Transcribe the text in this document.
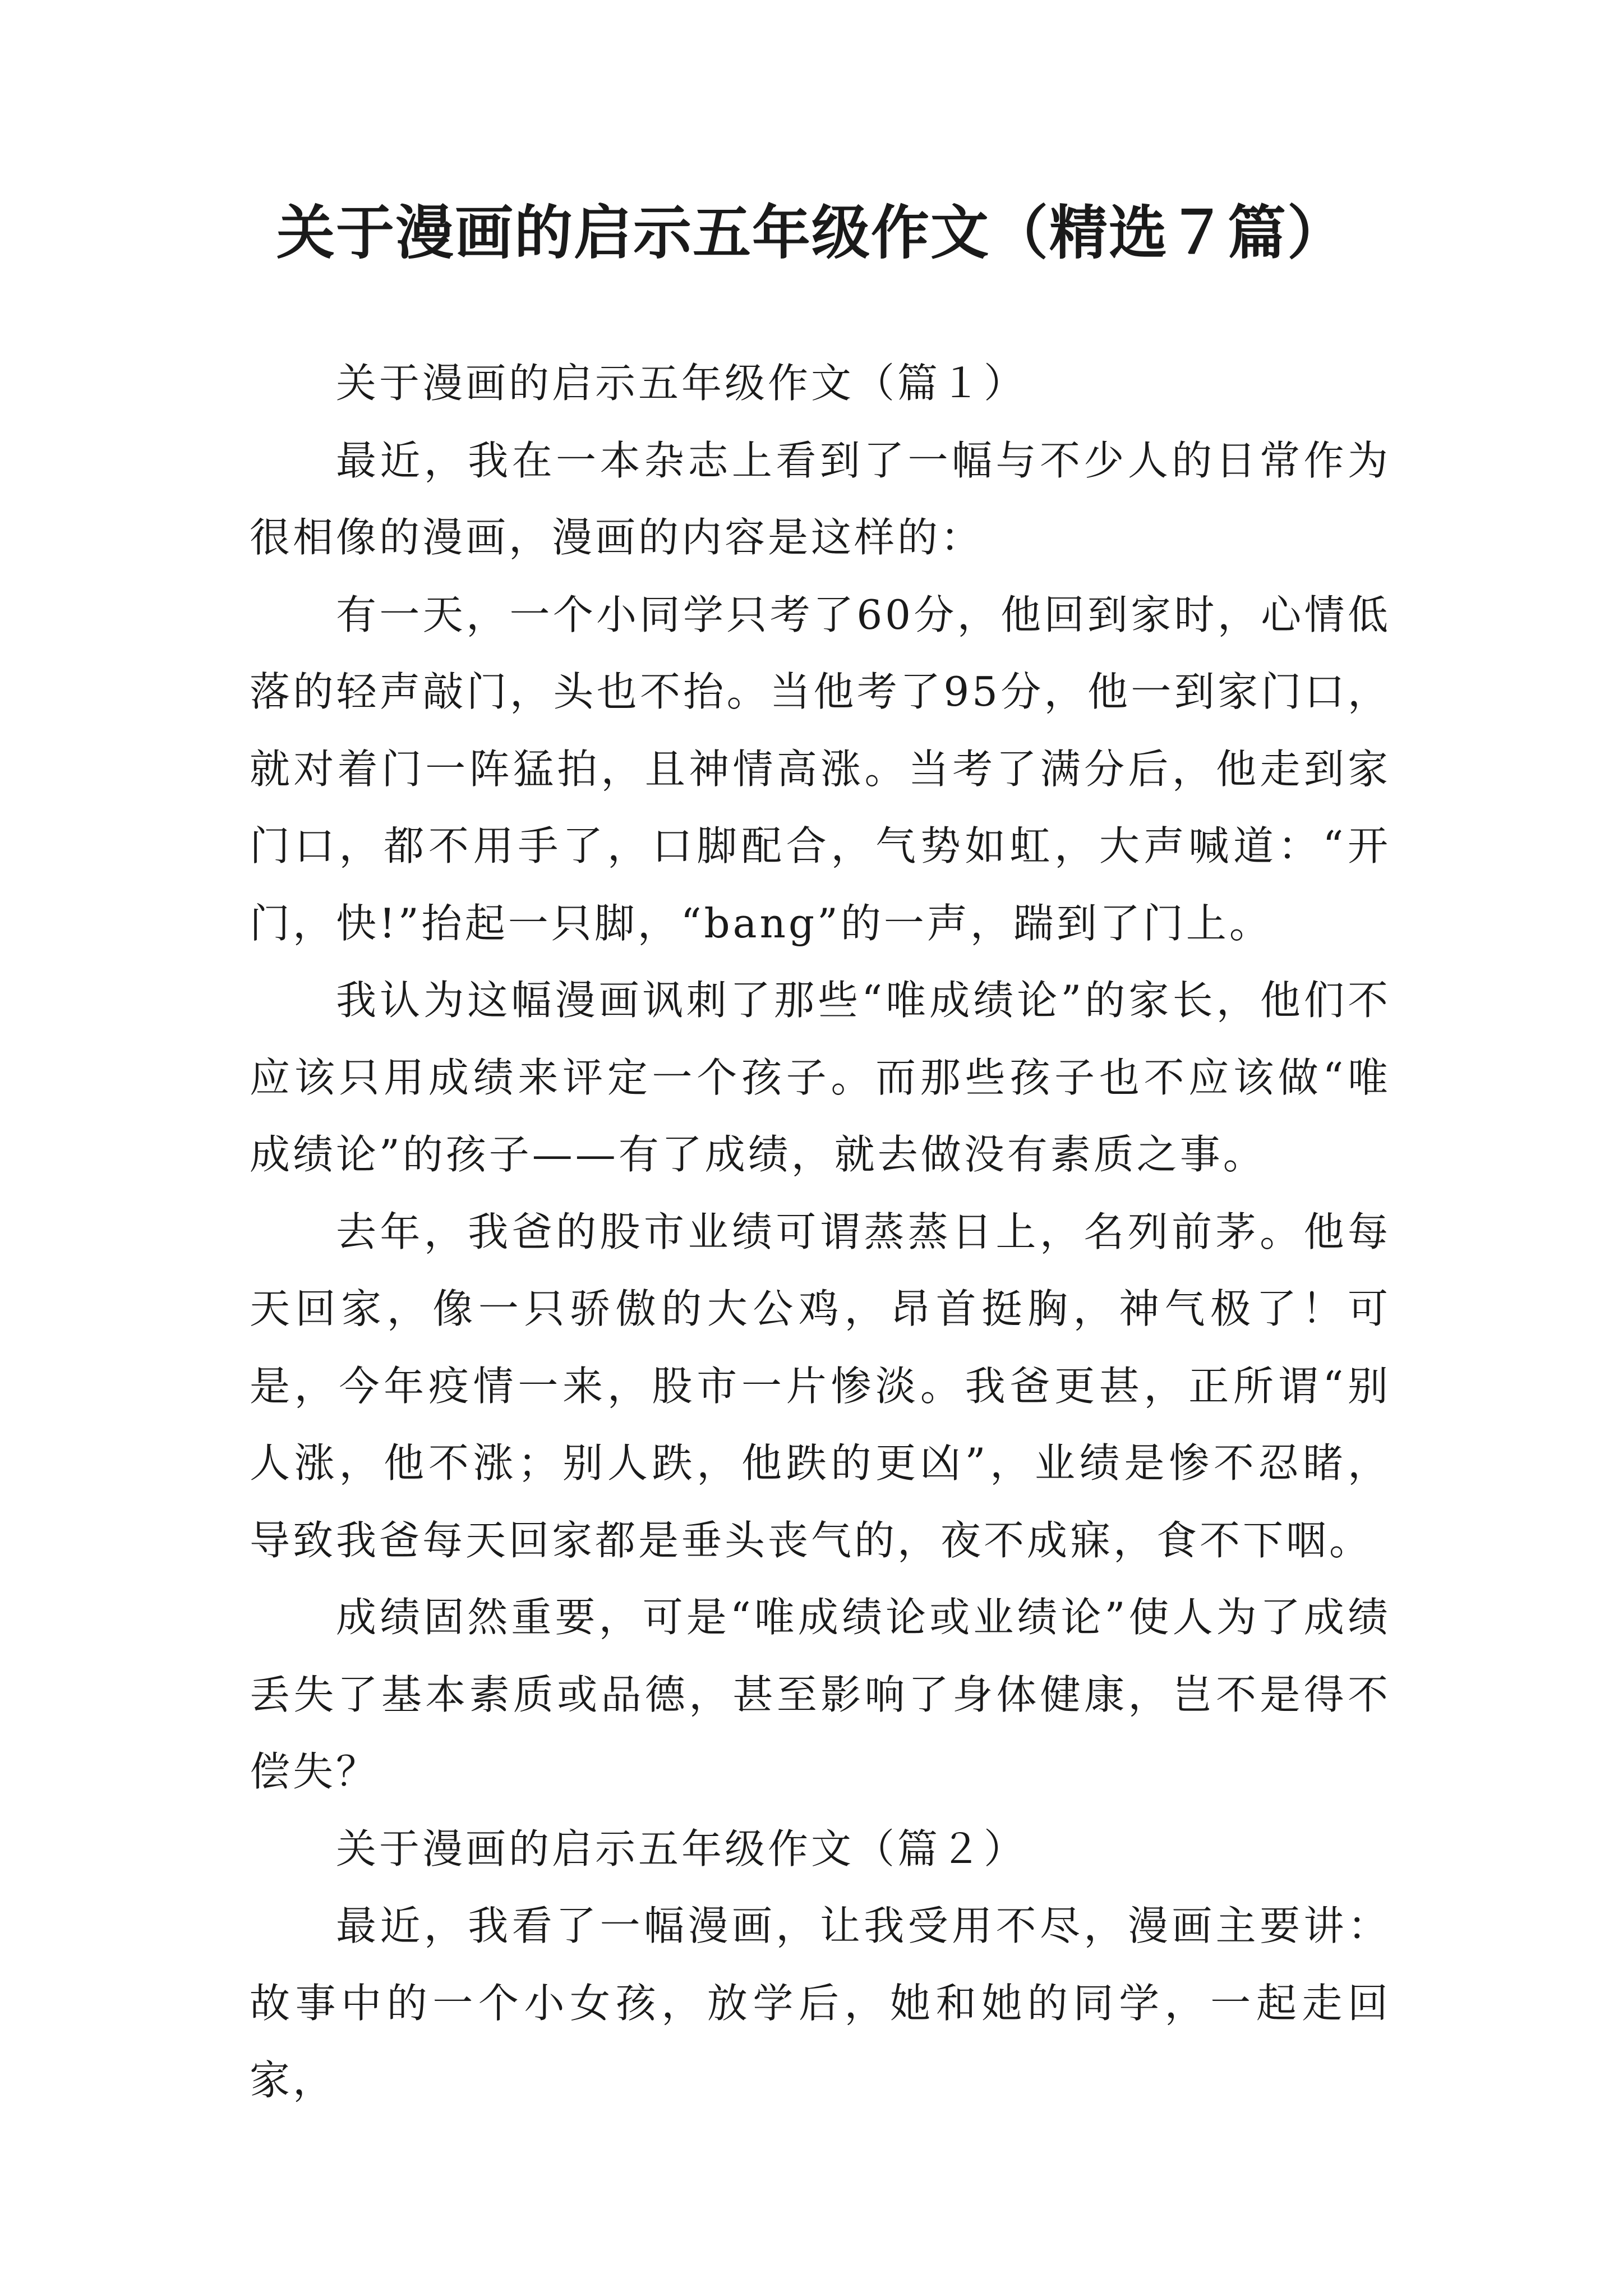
关于漫画的启示五年级作文（精选７篇）

关于漫画的启示五年级作文（篇１）

最近，我在一本杂志上看到了一幅与不少人的日常作为很相像的漫画，漫画的内容是这样的：

有一天，一个小同学只考了60分，他回到家时，心情低落的轻声敲门，头也不抬。当他考了95分，他一到家门口，就对着门一阵猛拍，且神情高涨。当考了满分后，他走到家门口，都不用手了，口脚配合，气势如虹，大声喊道：“开门，快!”抬起一只脚，“bang”的一声，踹到了门上。

我认为这幅漫画讽刺了那些“唯成绩论”的家长，他们不应该只用成绩来评定一个孩子。而那些孩子也不应该做“唯成绩论”的孩子——有了成绩，就去做没有素质之事。

去年，我爸的股市业绩可谓蒸蒸日上，名列前茅。他每天回家，像一只骄傲的大公鸡，昂首挺胸，神气极了！可是，今年疫情一来，股市一片惨淡。我爸更甚，正所谓“别人涨，他不涨；别人跌，他跌的更凶”，业绩是惨不忍睹，导致我爸每天回家都是垂头丧气的，夜不成寐，食不下咽。

成绩固然重要，可是“唯成绩论或业绩论”使人为了成绩丢失了基本素质或品德，甚至影响了身体健康，岂不是得不偿失？

关于漫画的启示五年级作文（篇２）

最近，我看了一幅漫画，让我受用不尽，漫画主要讲：故事中的一个小女孩，放学后，她和她的同学，一起走回家，
